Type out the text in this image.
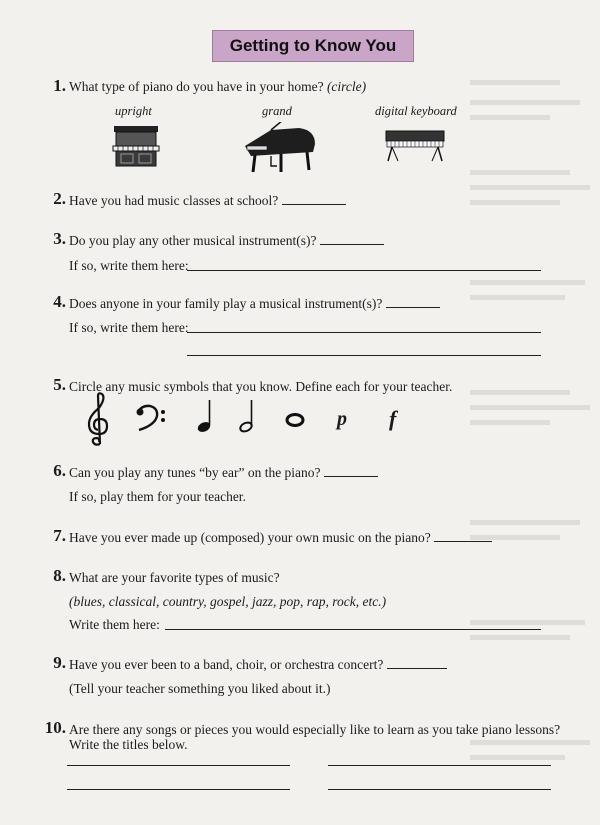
Getting to Know You
1. What type of piano do you have in your home? (circle)
upright	grand	digital keyboard
2. Have you had music classes at school?
3. Do you play any other musical instrument(s)?
If so, write them here:
4. Does anyone in your family play a musical instrument(s)?
If so, write them here:
5. Circle any music symbols that you know. Define each for your teacher.
p f
6. Can you play any tunes “by ear” on the piano?
If so, play them for your teacher.
7. Have you ever made up (composed) your own music on the piano?
8. What are your favorite types of music?
(blues, classical, country, gospel, jazz, pop, rap, rock, etc.)
Write them here:
9. Have you ever been to a band, choir, or orchestra concert?
(Tell your teacher something you liked about it.)
10. Are there any songs or pieces you would especially like to learn as you take piano lessons?
Write the titles below.
